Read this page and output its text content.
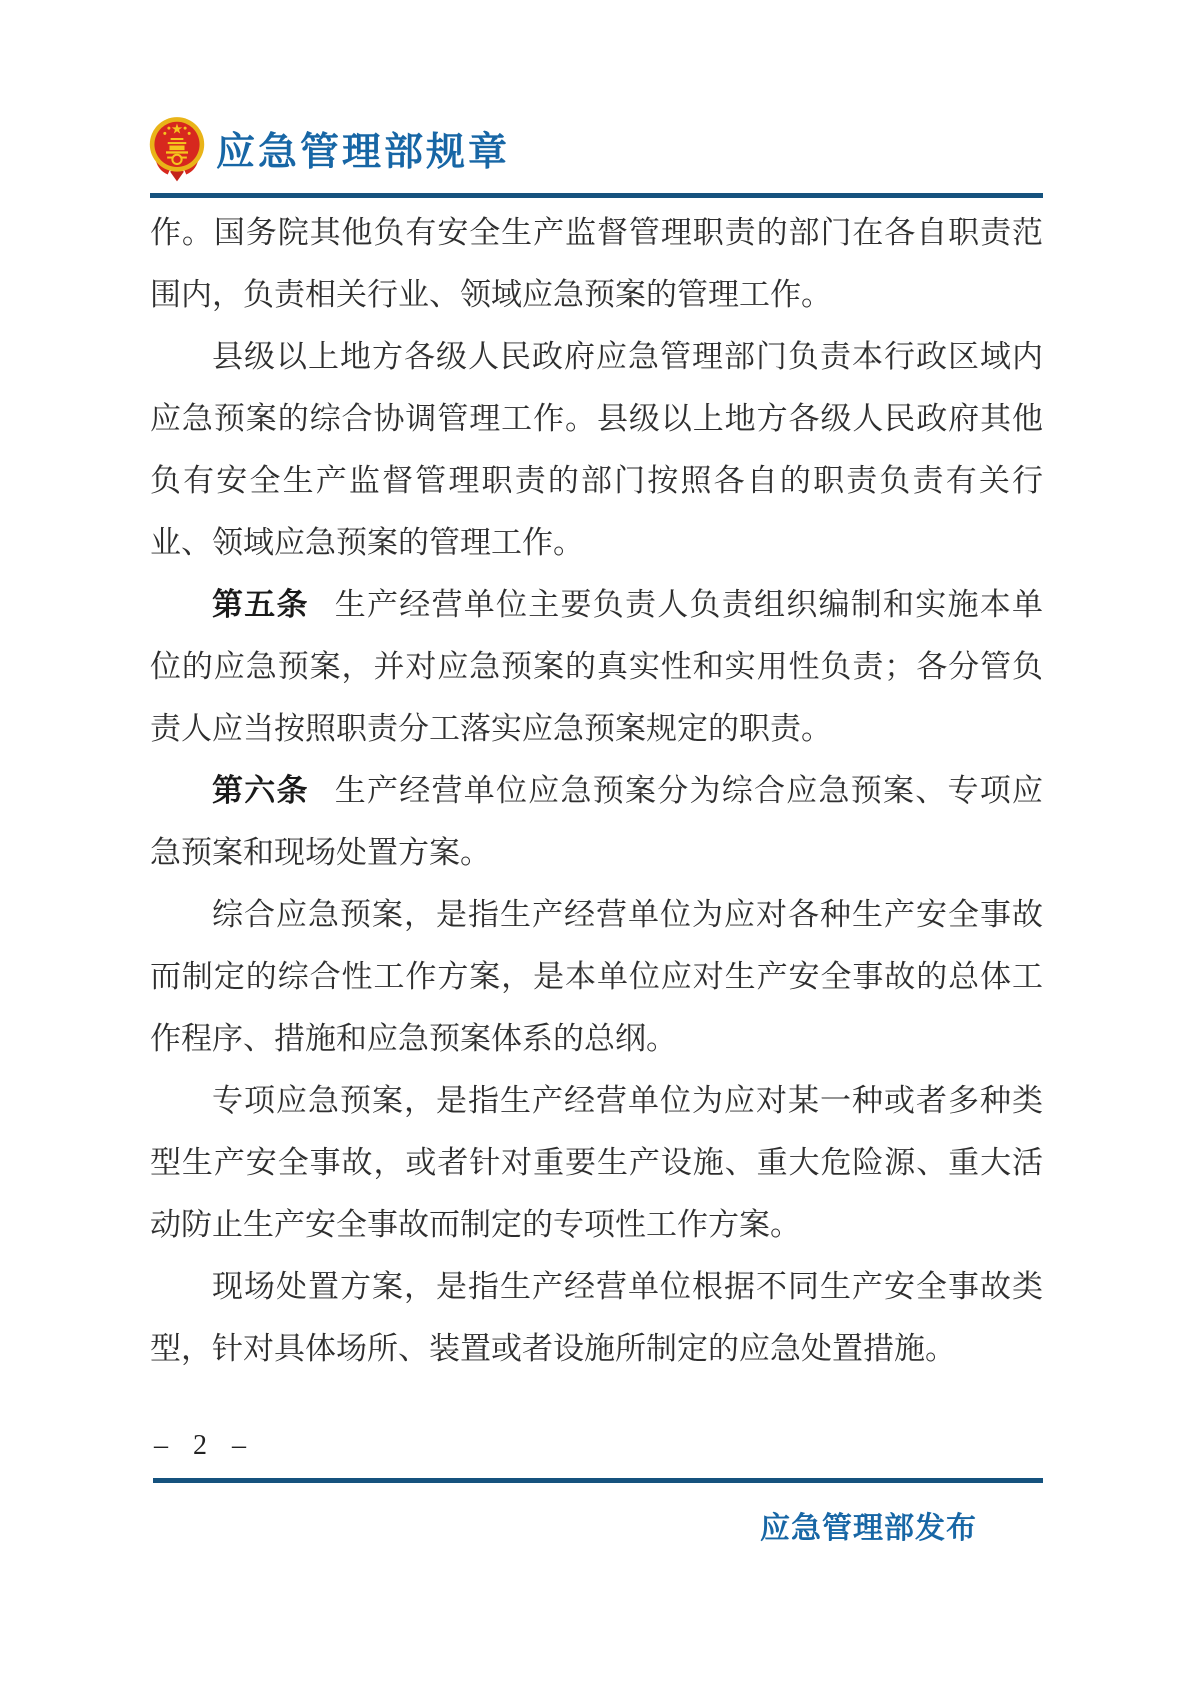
应急管理部规章

作。国务院其他负有安全生产监督管理职责的部门在各自职责范围内，负责相关行业、领域应急预案的管理工作。

县级以上地方各级人民政府应急管理部门负责本行政区域内应急预案的综合协调管理工作。县级以上地方各级人民政府其他负有安全生产监督管理职责的部门按照各自的职责负责有关行业、领域应急预案的管理工作。

第五条 生产经营单位主要负责人负责组织编制和实施本单位的应急预案，并对应急预案的真实性和实用性负责；各分管负责人应当按照职责分工落实应急预案规定的职责。

第六条 生产经营单位应急预案分为综合应急预案、专项应急预案和现场处置方案。

综合应急预案，是指生产经营单位为应对各种生产安全事故而制定的综合性工作方案，是本单位应对生产安全事故的总体工作程序、措施和应急预案体系的总纲。

专项应急预案，是指生产经营单位为应对某一种或者多种类型生产安全事故，或者针对重要生产设施、重大危险源、重大活动防止生产安全事故而制定的专项性工作方案。

现场处置方案，是指生产经营单位根据不同生产安全事故类型，针对具体场所、装置或者设施所制定的应急处置措施。

– 2 –
应急管理部发布
